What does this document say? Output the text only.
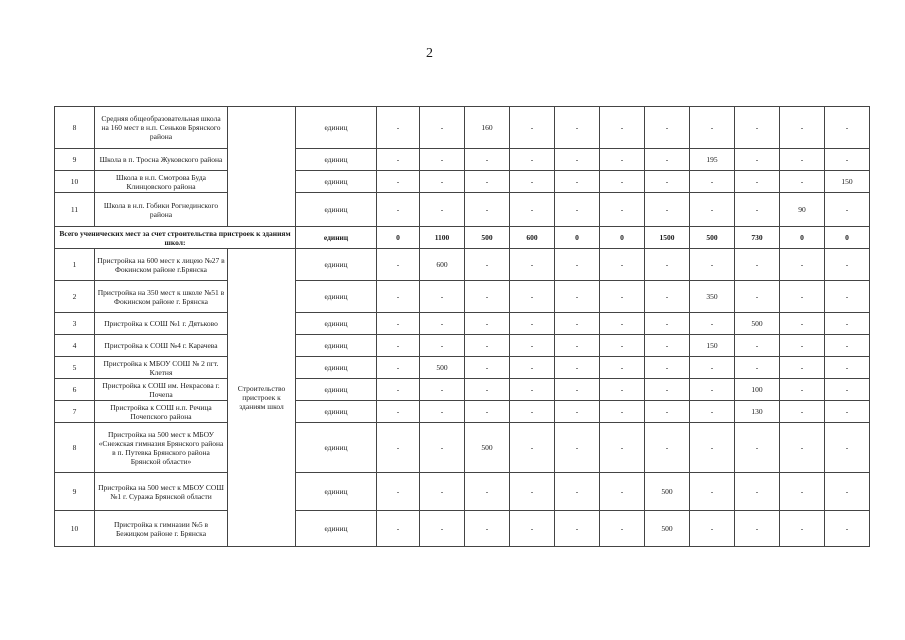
2
8	Средняя общеобразовательная школа на 160 мест в н.п. Сеньков Брянского района		единиц	-	-	160	-	-	-	-	-	-	-	-
9	Школа в п. Тросна Жуковского района		единиц	-	-	-	-	-	-	-	195	-	-	-
10	Школа в н.п. Смотрова Буда Клинцовского района		единиц	-	-	-	-	-	-	-	-	-	-	150
11	Школа в н.п. Гобики Рогнединского района		единиц	-	-	-	-	-	-	-	-	-	90	-
Всего ученических мест за счет строительства пристроек к зданиям школ:			единиц	0	1100	500	600	0	0	1500	500	730	0	0
1	Пристройка на 600 мест к лицею №27 в Фокинском районе г.Брянска	Строительство пристроек к зданиям школ	единиц	-	600	-	-	-	-	-	-	-	-	-
2	Пристройка на 350 мест к школе №51 в Фокинском районе г. Брянска		единиц	-	-	-	-	-	-	-	350	-	-	-
3	Пристройка к СОШ №1 г. Дятьково		единиц	-	-	-	-	-	-	-	-	500	-	-
4	Пристройка к СОШ №4 г. Карачева		единиц	-	-	-	-	-	-	-	150	-	-	-
5	Пристройка к МБОУ СОШ № 2 пгт. Клетня		единиц	-	500	-	-	-	-	-	-	-	-	-
6	Пристройка к СОШ им. Некрасова г. Почепа		единиц	-	-	-	-	-	-	-	-	100	-	-
7	Пристройка к СОШ н.п. Речица Почепского района		единиц	-	-	-	-	-	-	-	-	130	-	-
8	Пристройка на 500 мест к МБОУ «Снежская гимназия Брянского района в п. Путевка Брянского района Брянской области»		единиц	-	-	500	-	-	-	-	-	-	-	-
9	Пристройка на 500 мест к МБОУ СОШ №1 г. Суража Брянской области		единиц	-	-	-	-	-	-	500	-	-	-	-
10	Пристройка к гимназии №5 в Бежицком районе г. Брянска		единиц	-	-	-	-	-	-	500	-	-	-	-
